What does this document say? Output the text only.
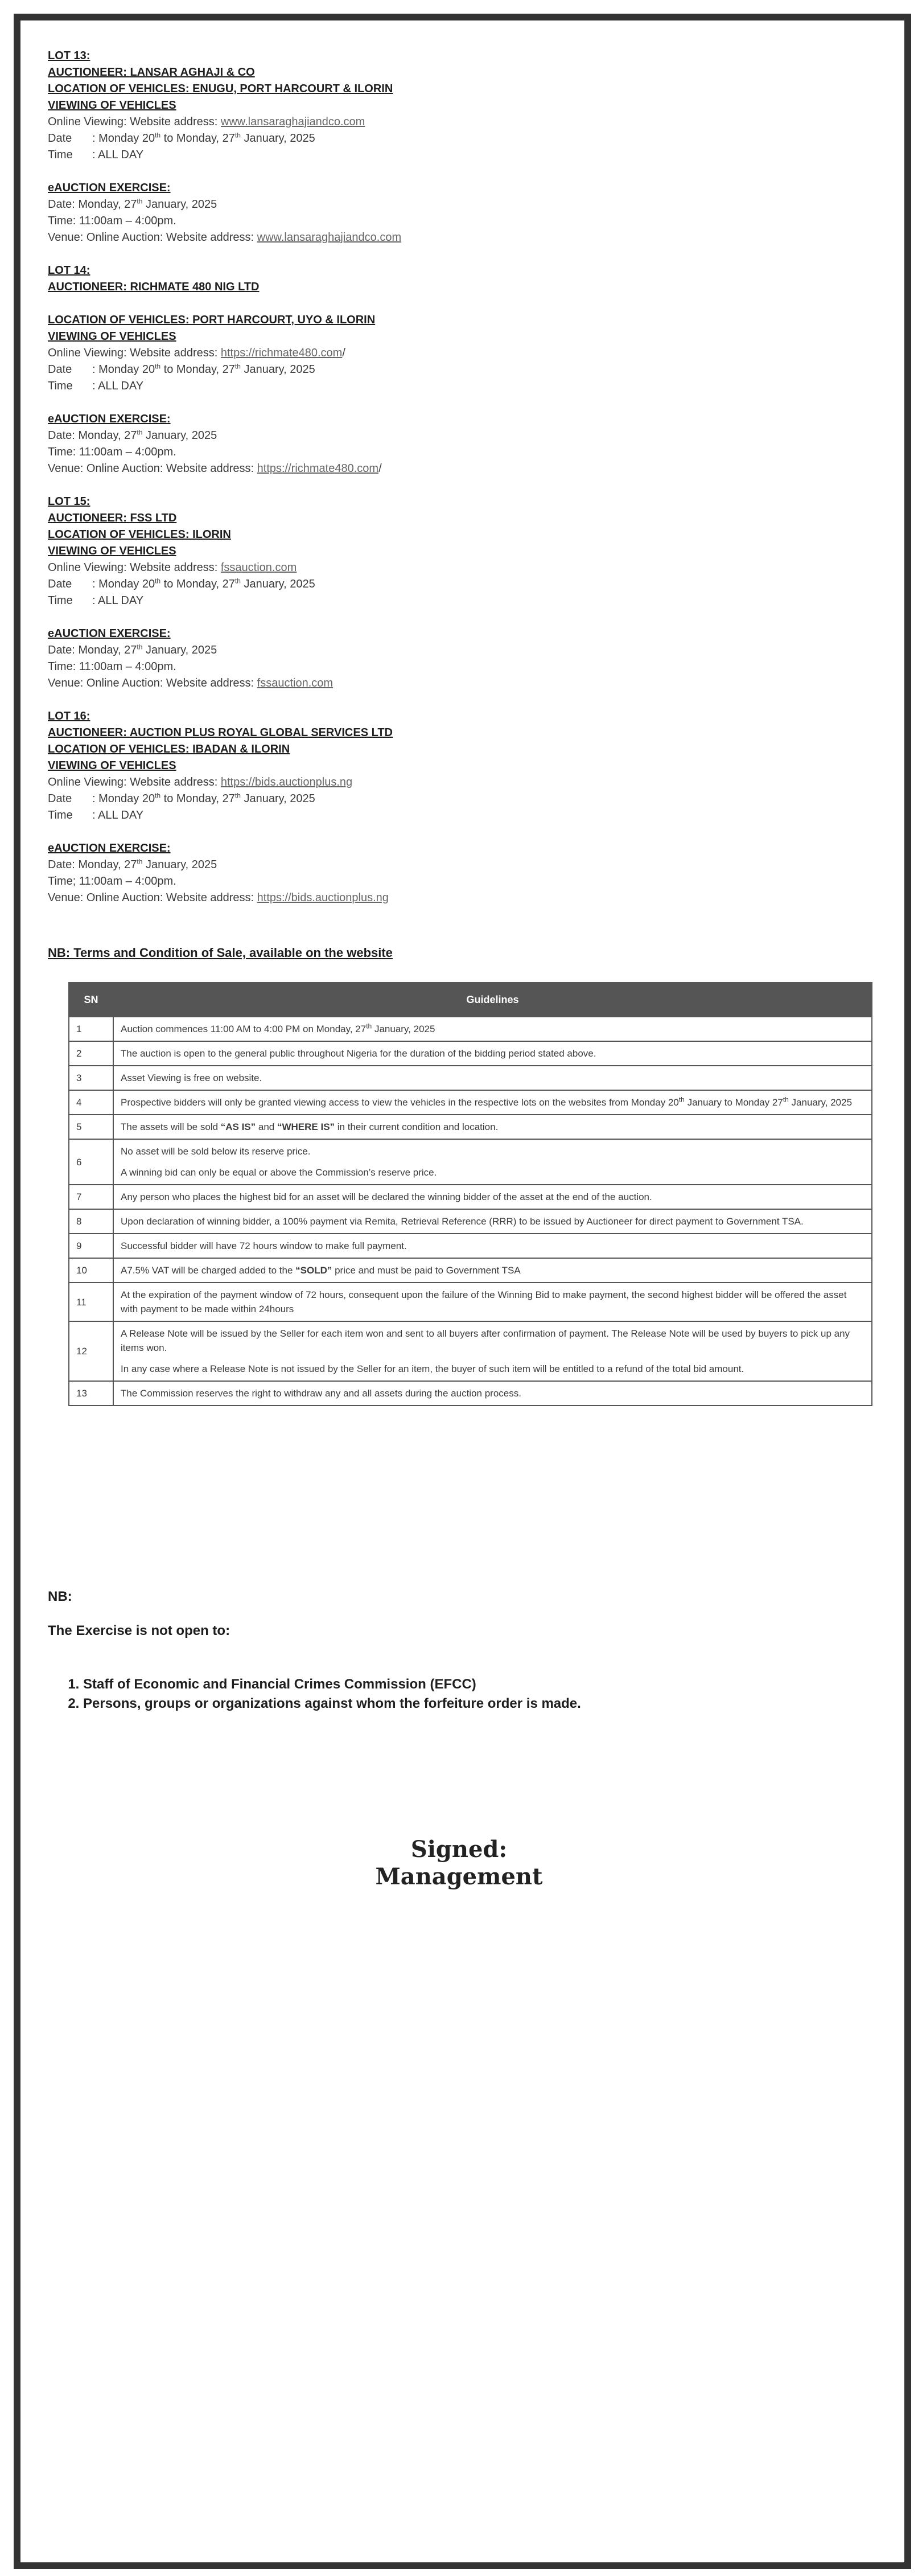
LOT 13:
AUCTIONEER: LANSAR AGHAJI & CO
LOCATION OF VEHICLES: ENUGU, PORT HARCOURT & ILORIN
VIEWING OF VEHICLES
Online Viewing: Website address: www.lansaraghajiandco.com
Date : Monday 20th to Monday, 27th January, 2025
Time : ALL DAY
eAUCTION EXERCISE:
Date: Monday, 27th January, 2025
Time: 11:00am – 4:00pm.
Venue: Online Auction: Website address: www.lansaraghajiandco.com
LOT 14:
AUCTIONEER: RICHMATE 480 NIG LTD
LOCATION OF VEHICLES: PORT HARCOURT, UYO & ILORIN
VIEWING OF VEHICLES
Online Viewing: Website address: https://richmate480.com/
Date : Monday 20th to Monday, 27th January, 2025
Time : ALL DAY
eAUCTION EXERCISE:
Date: Monday, 27th January, 2025
Time: 11:00am – 4:00pm.
Venue: Online Auction: Website address: https://richmate480.com/
LOT 15:
AUCTIONEER: FSS LTD
LOCATION OF VEHICLES: ILORIN
VIEWING OF VEHICLES
Online Viewing: Website address: fssauction.com
Date : Monday 20th to Monday, 27th January, 2025
Time : ALL DAY
eAUCTION EXERCISE:
Date: Monday, 27th January, 2025
Time: 11:00am – 4:00pm.
Venue: Online Auction: Website address: fssauction.com
LOT 16:
AUCTIONEER: AUCTION PLUS ROYAL GLOBAL SERVICES LTD
LOCATION OF VEHICLES: IBADAN & ILORIN
VIEWING OF VEHICLES
Online Viewing: Website address: https://bids.auctionplus.ng
Date : Monday 20th to Monday, 27th January, 2025
Time : ALL DAY
eAUCTION EXERCISE:
Date: Monday, 27th January, 2025
Time; 11:00am – 4:00pm.
Venue: Online Auction: Website address: https://bids.auctionplus.ng
NB: Terms and Condition of Sale, available on the website
SN	Guidelines
1	Auction commences 11:00 AM to 4:00 PM on Monday, 27th January, 2025

2	The auction is open to the general public throughout Nigeria for the duration of the bidding period stated above.

3	Asset Viewing is free on website.

4	Prospective bidders will only be granted viewing access to view the vehicles in the respective lots on the websites from Monday 20th January to Monday 27th January, 2025

5	The assets will be sold “AS IS” and “WHERE IS” in their current condition and location.

6	No asset will be sold below its reserve price.

A winning bid can only be equal or above the Commission’s reserve price.

7	Any person who places the highest bid for an asset will be declared the winning bidder of the asset at the end of the auction.

8	Upon declaration of winning bidder, a 100% payment via Remita, Retrieval Reference (RRR) to be issued by Auctioneer for direct payment to Government TSA.

9	Successful bidder will have 72 hours window to make full payment.

10	A7.5% VAT will be charged added to the “SOLD” price and must be paid to Government TSA

11	At the expiration of the payment window of 72 hours, consequent upon the failure of the Winning Bid to make payment, the second highest bidder will be offered the asset with payment to be made within 24hours

12	A Release Note will be issued by the Seller for each item won and sent to all buyers after confirmation of payment. The Release Note will be used by buyers to pick up any items won.

In any case where a Release Note is not issued by the Seller for an item, the buyer of such item will be entitled to a refund of the total bid amount.

13	The Commission reserves the right to withdraw any and all assets during the auction process.

NB:
The Exercise is not open to:
1. Staff of Economic and Financial Crimes Commission (EFCC)
2. Persons, groups or organizations against whom the forfeiture order is made.
Signed:
Management
